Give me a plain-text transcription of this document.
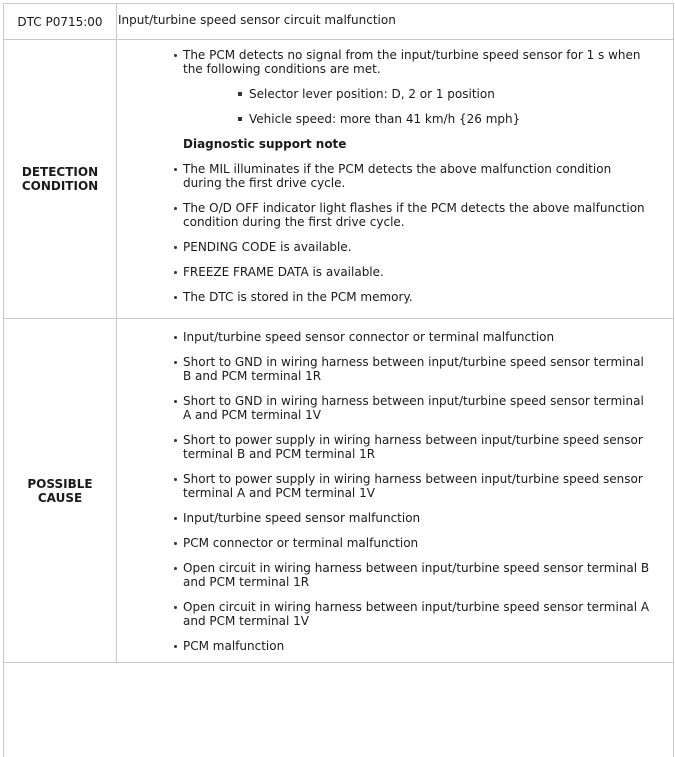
DTC P0715:00 Input/turbine speed sensor circuit malfunction
DETECTION
CONDITION
The PCM detects no signal from the input/turbine speed sensor for 1 s when the following conditions are met.
Selector lever position: D, 2 or 1 position
Vehicle speed: more than 41 km/h {26 mph}
Diagnostic support note
The MIL illuminates if the PCM detects the above malfunction condition during the first drive cycle.
The O/D OFF indicator light flashes if the PCM detects the above malfunction condition during the first drive cycle.
PENDING CODE is available.
FREEZE FRAME DATA is available.
The DTC is stored in the PCM memory.
POSSIBLE CAUSE
Input/turbine speed sensor connector or terminal malfunction
Short to GND in wiring harness between input/turbine speed sensor terminal B and PCM terminal 1R
Short to GND in wiring harness between input/turbine speed sensor terminal A and PCM terminal 1V
Short to power supply in wiring harness between input/turbine speed sensor terminal B and PCM terminal 1R
Short to power supply in wiring harness between input/turbine speed sensor terminal A and PCM terminal 1V
Input/turbine speed sensor malfunction
PCM connector or terminal malfunction
Open circuit in wiring harness between input/turbine speed sensor terminal B and PCM terminal 1R
Open circuit in wiring harness between input/turbine speed sensor terminal A and PCM terminal 1V
PCM malfunction
